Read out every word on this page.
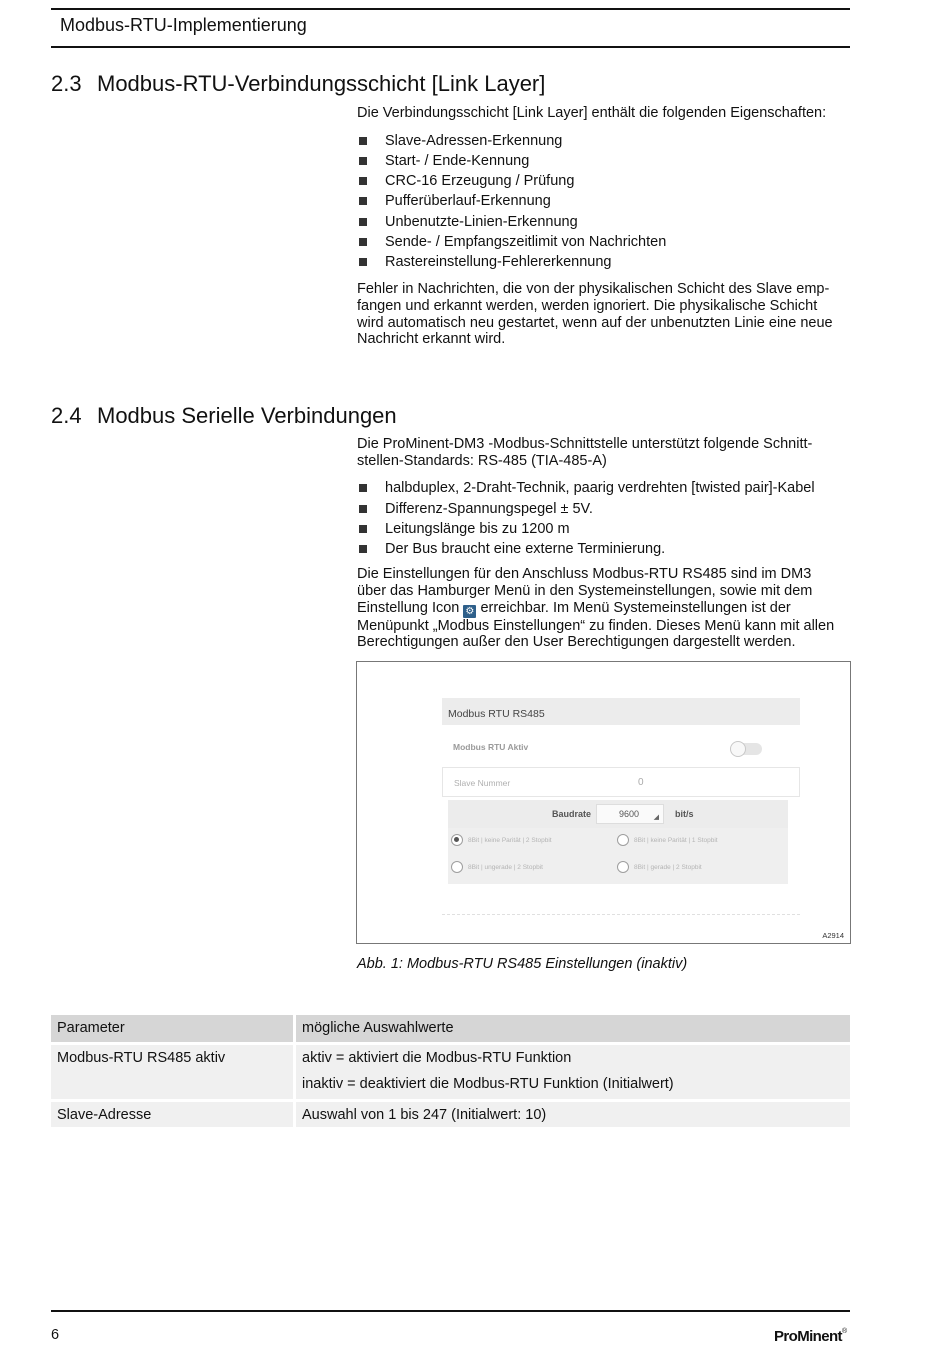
Modbus-RTU-Implementierung
2.3 Modbus-RTU-Verbindungsschicht [Link Layer]

Die Verbindungsschicht [Link Layer] enthält die folgenden Eigenschaften:

Slave-Adressen-Erkennung
Start- / Ende-Kennung
CRC-16 Erzeugung / Prüfung
Pufferüberlauf-Erkennung
Unbenutzte-Linien-Erkennung
Sende- / Empfangszeitlimit von Nachrichten
Rastereinstellung-Fehlererkennung

Fehler in Nachrichten, die von der physikalischen Schicht des Slave emp-
fangen und erkannt werden, werden ignoriert. Die physikalische Schicht
wird automatisch neu gestartet, wenn auf der unbenutzten Linie eine neue
Nachricht erkannt wird.

2.4 Modbus Serielle Verbindungen

Die ProMinent-DM3 -Modbus-Schnittstelle unterstützt folgende Schnitt-
stellen-Standards: RS-485 (TIA-485-A)

halbduplex, 2-Draht-Technik, paarig verdrehten [twisted pair]-Kabel
Differenz-Spannungspegel ± 5V.
Leitungslänge bis zu 1200 m
Der Bus braucht eine externe Terminierung.

Die Einstellungen für den Anschluss Modbus-RTU RS485 sind im DM3
über das Hamburger Menü in den Systemeinstellungen, sowie mit dem
Einstellung Icon ⚙ erreichbar. Im Menü Systemeinstellungen ist der
Menüpunkt „Modbus Einstellungen“ zu finden. Dieses Menü kann mit allen
Berechtigungen außer den User Berechtigungen dargestellt werden.

Modbus RTU RS485
Modbus RTU Aktiv
Slave Nummer	0
Baudrate	9600 ◢ bit/s
8Bit | keine Parität | 2 Stopbit	8Bit | keine Parität | 1 Stopbit
8Bit | ungerade | 2 Stopbit	8Bit | gerade | 2 Stopbit
A2914
Abb. 1: Modbus-RTU RS485 Einstellungen (inaktiv)
Parameter	mögliche Auswahlwerte
Modbus-RTU RS485 aktiv	aktiv = aktiviert die Modbus-RTU Funktion
inaktiv = deaktiviert die Modbus-RTU Funktion (Initialwert)
Slave-Adresse	Auswahl von 1 bis 247 (Initialwert: 10)
6	ProMinent®
